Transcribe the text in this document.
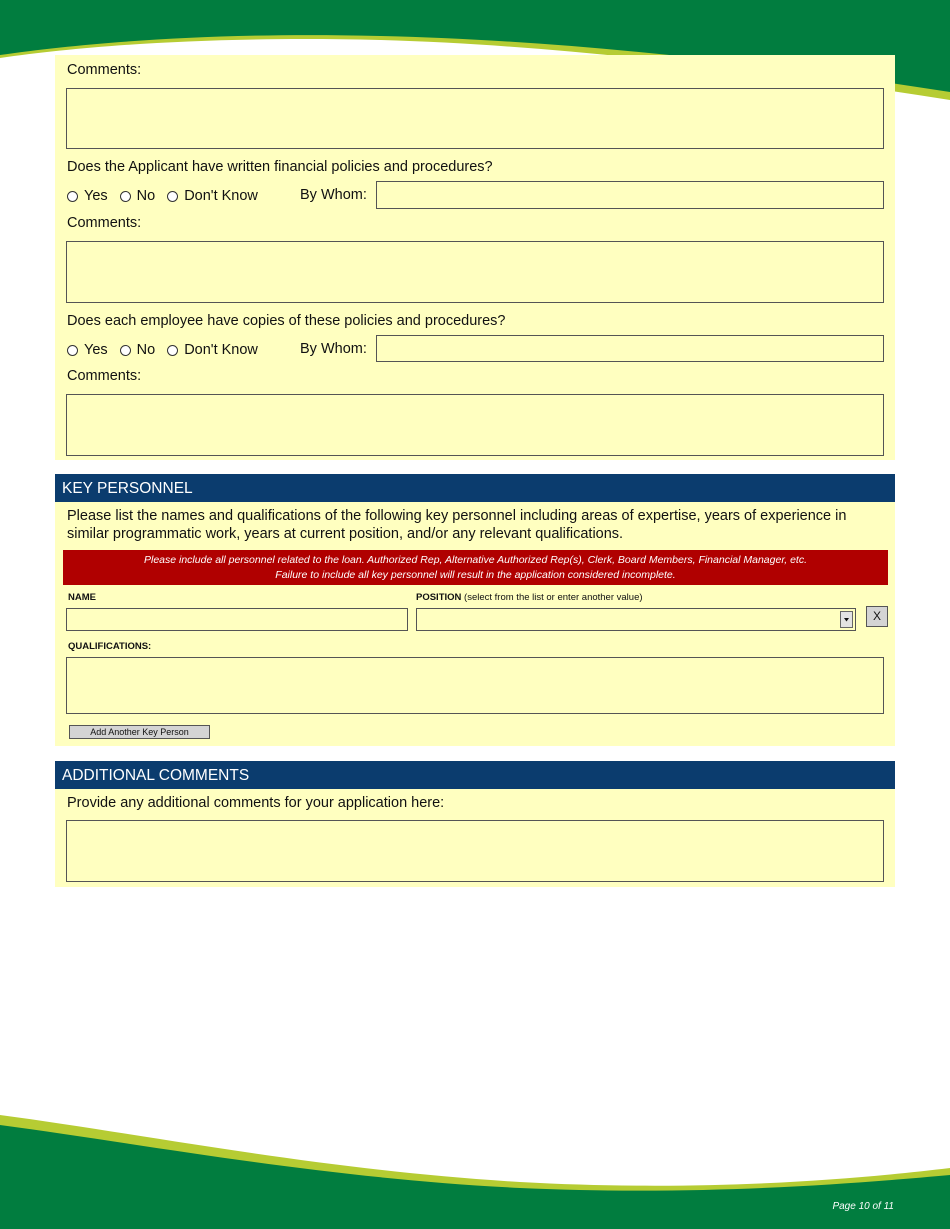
Comments:
Does the Applicant have written financial policies and procedures?
Yes No Don't Know	By Whom:
Comments:
Does each employee have copies of these policies and procedures?
Yes No Don't Know	By Whom:
Comments:
KEY PERSONNEL
Please list the names and qualifications of the following key personnel including areas of expertise, years of experience in
similar programmatic work, years at current position, and/or any relevant qualifications.
Please include all personnel related to the loan. Authorized Rep, Alternative Authorized Rep(s), Clerk, Board Members, Financial Manager, etc.
Failure to include all key personnel will result in the application considered incomplete.
NAME	POSITION (select from the list or enter another value)
X
QUALIFICATIONS:
Add Another Key Person
ADDITIONAL COMMENTS
Provide any additional comments for your application here:
Page 10 of 11
